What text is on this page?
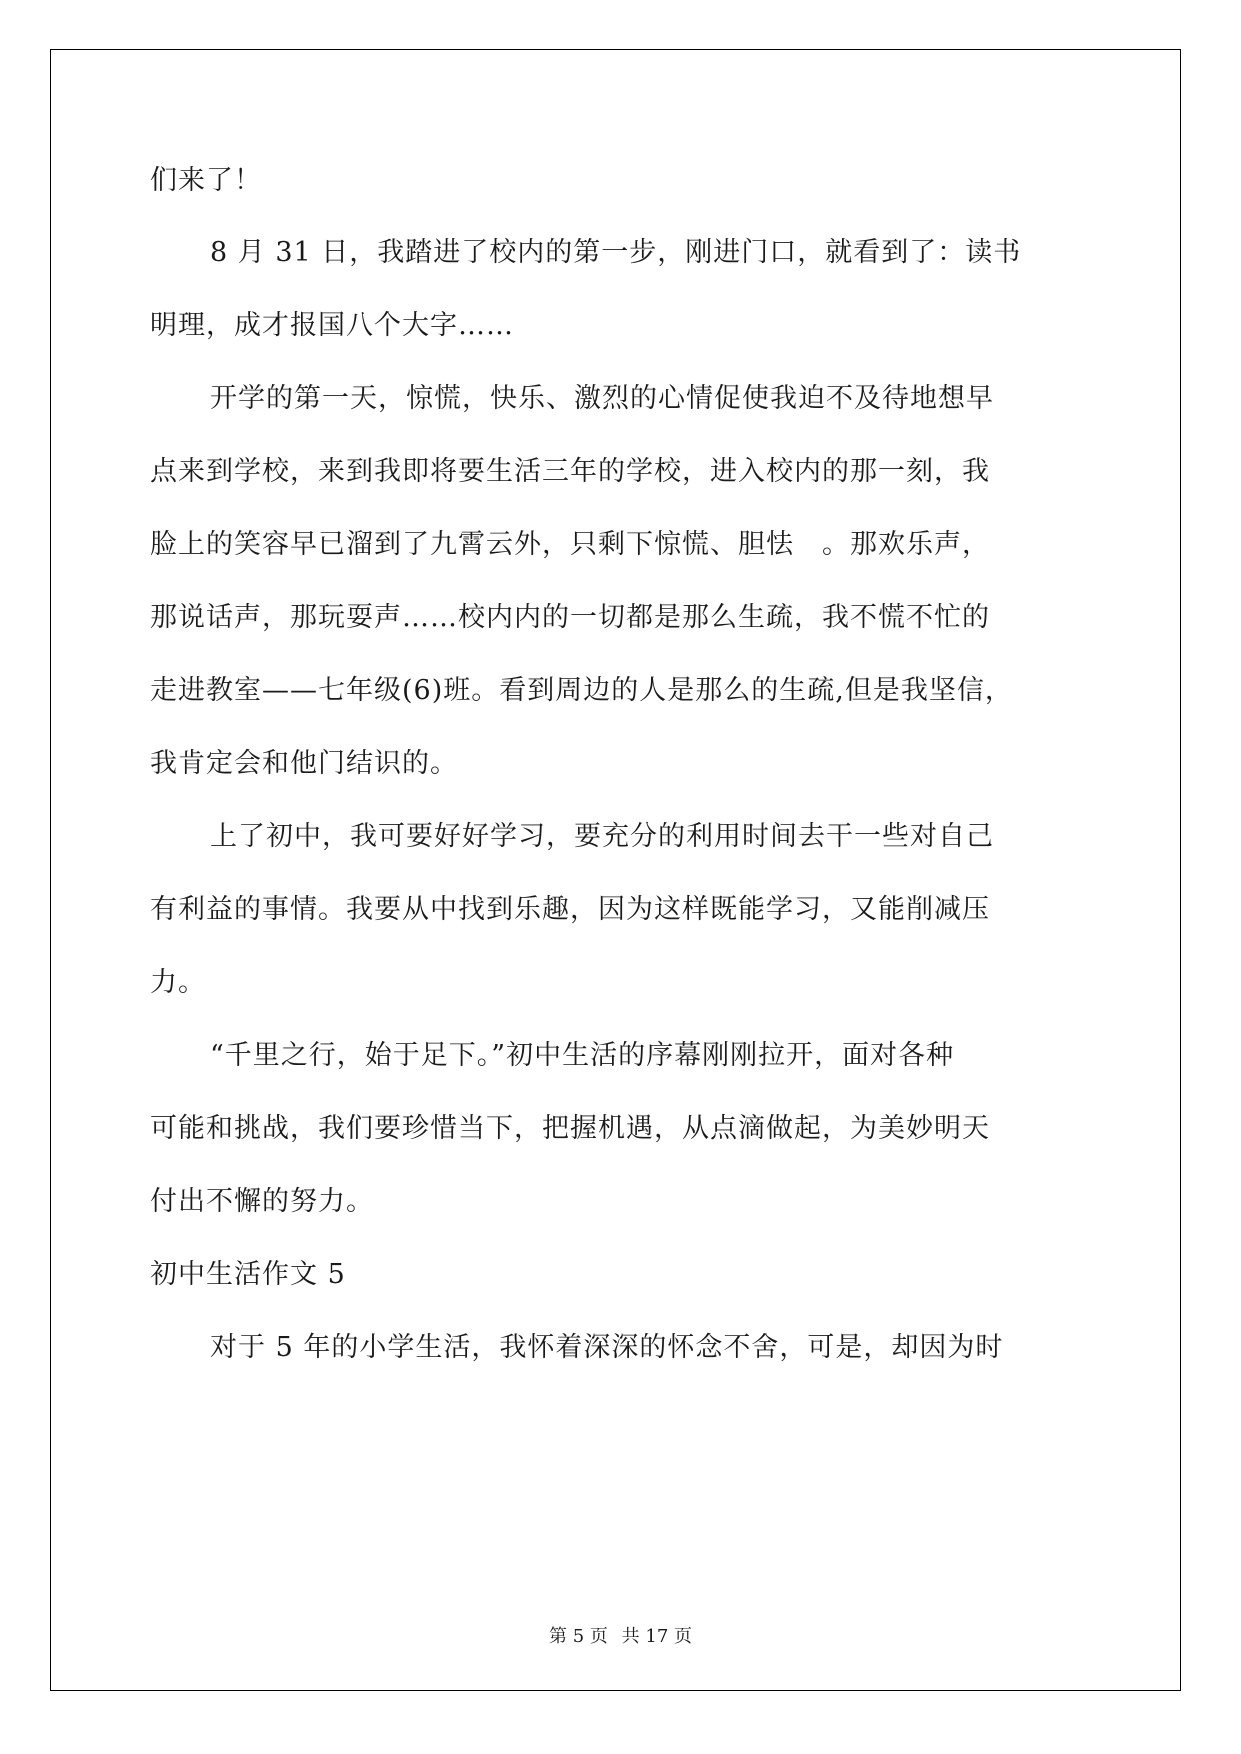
们来了！
8 月 31 日，我踏进了校内的第一步，刚进门口，就看到了：读书
明理，成才报国八个大字……
开学的第一天，惊慌，快乐、激烈的心情促使我迫不及待地想早
点来到学校，来到我即将要生活三年的学校，进入校内的那一刻，我
脸上的笑容早已溜到了九霄云外，只剩下惊慌、胆怯　。那欢乐声，
那说话声，那玩耍声……校内内的一切都是那么生疏，我不慌不忙的
走进教室——七年级(6)班。看到周边的人是那么的生疏,但是我坚信，
我肯定会和他门结识的。
上了初中，我可要好好学习，要充分的利用时间去干一些对自己
有利益的事情。我要从中找到乐趣，因为这样既能学习，又能削减压
力。
“千里之行，始于足下。”初中生活的序幕刚刚拉开，面对各种
可能和挑战，我们要珍惜当下，把握机遇，从点滴做起，为美妙明天
付出不懈的努力。
初中生活作文 5
对于 5 年的小学生活，我怀着深深的怀念不舍，可是，却因为时
第 5 页 共 17 页
